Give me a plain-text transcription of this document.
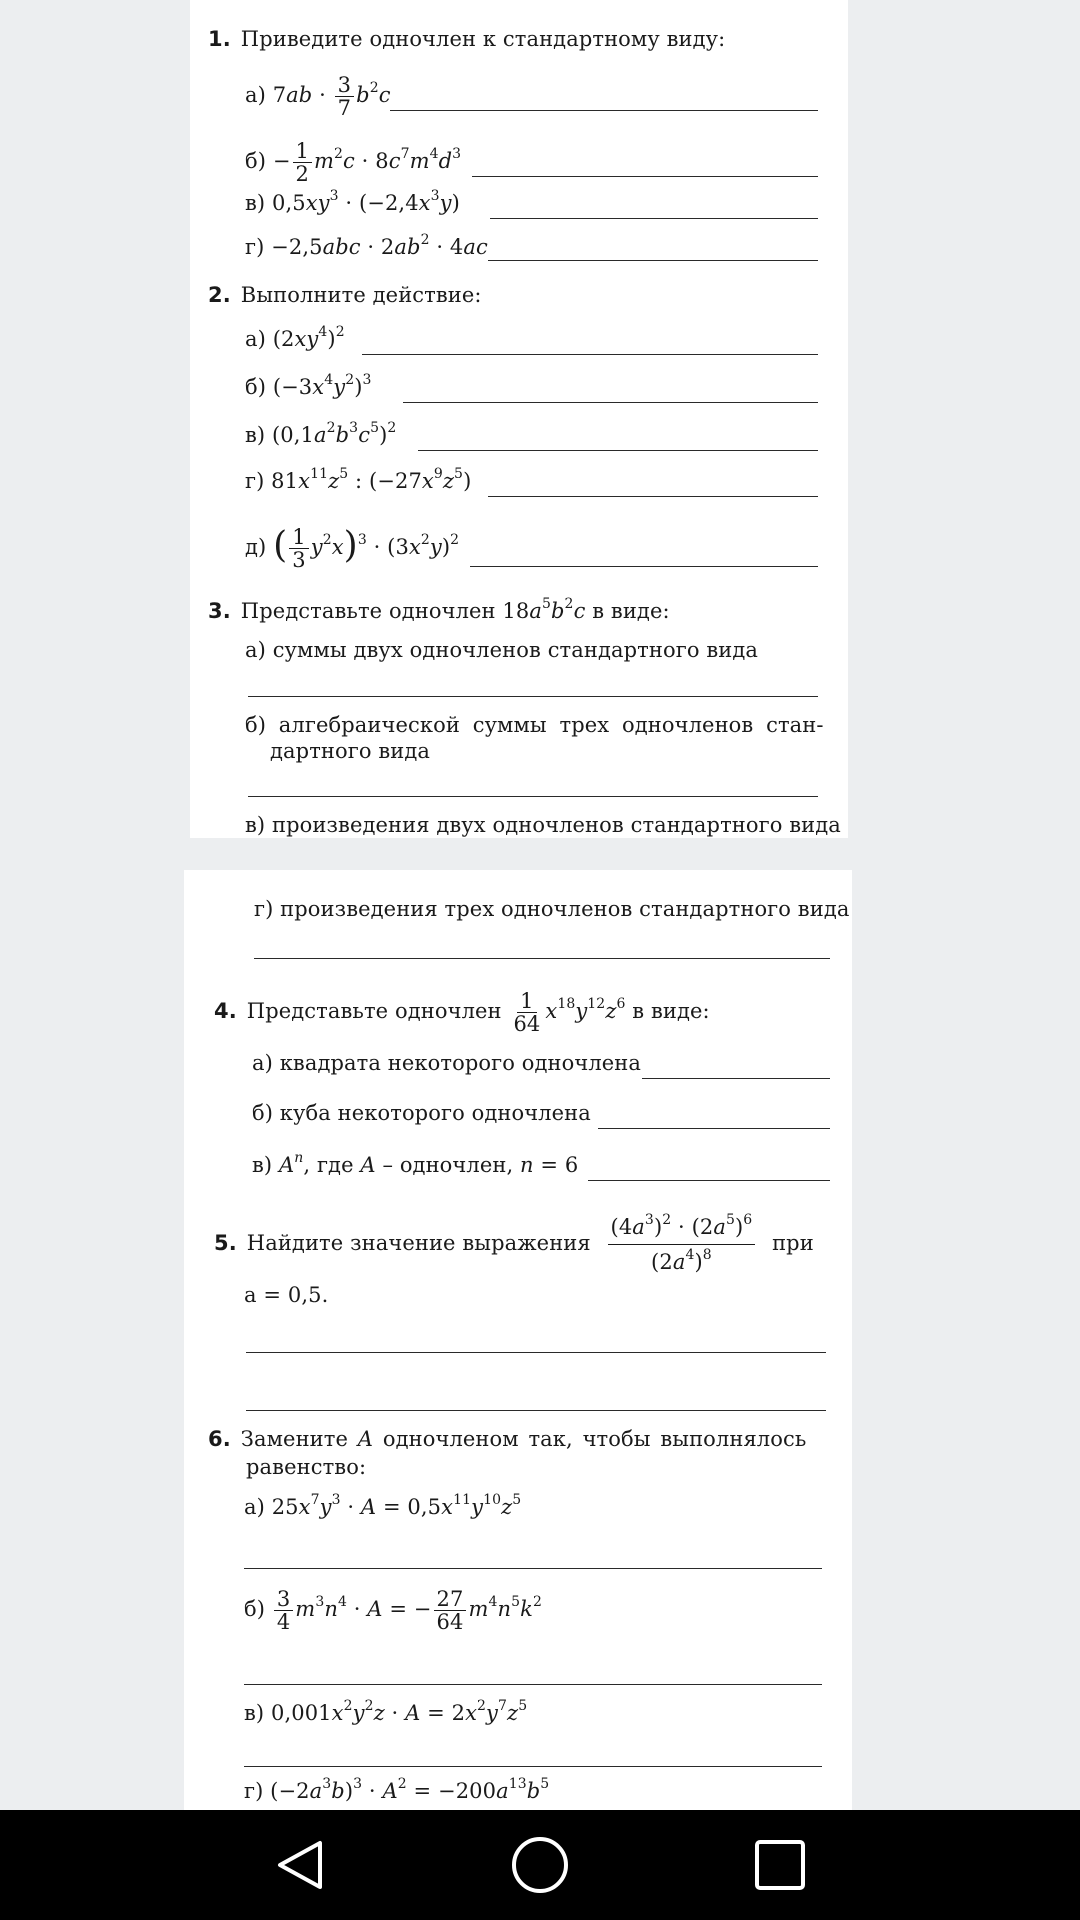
1. Приведите одночлен к стандартному виду:
а) $7ab \cdot \frac{3}{7} b^2c$
$б) - \frac{1}{2} m^2c \cdot 8c^7m^4d^3$
в) $0,5xy^3 \cdot (-2,4x^3y)$
$г) -2,5abc \cdot 2ab^2 \cdot 4ac$
2. Выполните действие:
а) $(2xy^4)^2$
б) $(-3x^4y^2)^3$
в) $(0,1a^2b^3c^5)^2$
г) $81x^{11}z^5$ : $(-27x^9z^5)$
д) ( $\frac{1}{3} y^2x)^3 \cdot (3x^2y)^2$
3. Представьте одночлен $18a^5b^2c$ в виде:
а) суммы двух одночленов стандартного вида
б) алгебраической суммы трех одночленов стан-
дартного вида
в) произведения двух одночленов стандартного вида
г) произведения трех одночленов стандартного вида
4. Представьте одночлен $\frac{1}{64} x^{18}y^{12}z^6$ в виде:
а) квадрата некоторого одночлена
б) куба некоторого одночлена
в) $A^n$, где A – одночлен, n = 6
5. Найдите значение выражения $\frac{(4a^3)^2 \cdot (2a^5)^6}{(2a^4)^8}$ при
a = 0,5.
6. Замените A одночленом так, чтобы выполнялось
равенство:
а) $25x^7y^3 \cdot A = 0,5x^{11}y^{10}z^5$
$б) \frac{3}{4} m^3n^4 \cdot A$ = − $\frac{27}{64} m^4n^5k^2$
в) $0,001x^2y^2z \cdot A = 2x^2y^7z^5$
г) $(-2a^3b)^3 \cdot A^2 = -200a^{13}b^5$
